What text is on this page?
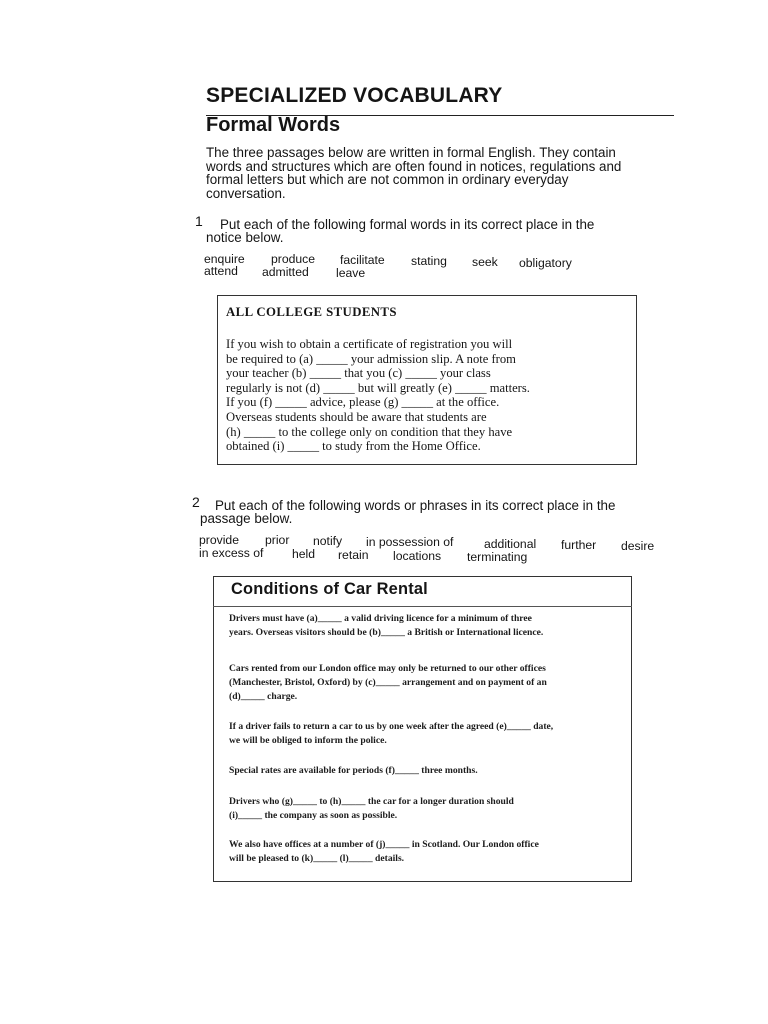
SPECIALIZED VOCABULARY
Formal Words
The three passages below are written in formal English. They contain
words and structures which are often found in notices, regulations and
formal letters but which are not common in ordinary everyday
conversation.
1 Put each of the following formal words in its correct place in the
notice below.
enquire produce facilitate stating seek obligatory
attend admitted leave
ALL COLLEGE STUDENTS
If you wish to obtain a certificate of registration you will
be required to (a) _____ your admission slip. A note from
your teacher (b) _____ that you (c) _____ your class
regularly is not (d) _____ but will greatly (e) _____ matters.
If you (f) _____ advice, please (g) _____ at the office.
Overseas students should be aware that students are
(h) _____ to the college only on condition that they have
obtained (i) _____ to study from the Home Office.
2 Put each of the following words or phrases in its correct place in the
passage below.
provide prior notify in possession of	additional further desire
in excess of held retain locations terminating
Conditions of Car Rental
Drivers must have (a)_____ a valid driving licence for a minimum of three
years. Overseas visitors should be (b)_____ a British or International licence.
Cars rented from our London office may only be returned to our other offices
(Manchester, Bristol, Oxford) by (c)_____ arrangement and on payment of an
(d)_____ charge.
If a driver fails to return a car to us by one week after the agreed (e)_____ date,
we will be obliged to inform the police.
Special rates are available for periods (f)_____ three months.
Drivers who (g)_____ to (h)_____ the car for a longer duration should
(i)_____ the company as soon as possible.
We also have offices at a number of (j)_____ in Scotland. Our London office
will be pleased to (k)_____ (l)_____ details.
